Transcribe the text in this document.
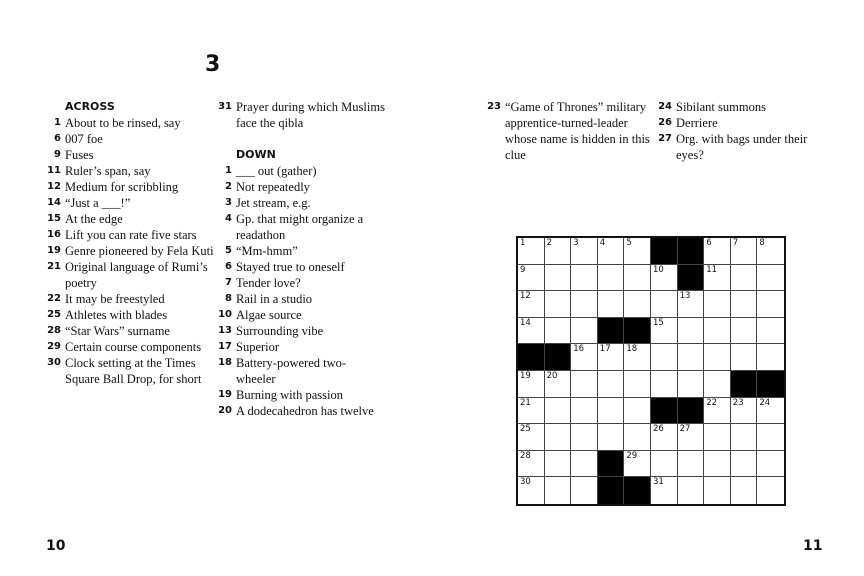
3
ACROSS
1 About to be rinsed, say
6 007 foe
9 Fuses
11 Ruler’s span, say
12 Medium for scribbling
14 “Just a ___!”
15 At the edge
16 Lift you can rate five stars
19 Genre pioneered by Fela Kuti
21 Original language of Rumi’s poetry
22 It may be freestyled
25 Athletes with blades
28 “Star Wars” surname
29 Certain course components
30 Clock setting at the Times Square Ball Drop, for short
31 Prayer during which Muslims face the qibla
DOWN
1 ___ out (gather)
2 Not repeatedly
3 Jet stream, e.g.
4 Gp. that might organize a readathon
5 “Mm-hmm”
6 Stayed true to oneself
7 Tender love?
8 Rail in a studio
10 Algae source
13 Surrounding vibe
17 Superior
18 Battery-powered two-wheeler
19 Burning with passion
20 A dodecahedron has twelve
23 “Game of Thrones” military apprentice-turned-leader whose name is hidden in this clue
24 Sibilant summons
26 Derriere
27 Org. with bags under their eyes?
1 2 3 4 5	6 7 8
9	10	11
12	13
14	15
16 17 18
19 20
21	22 23 24
25	26 27
28	29
30	31
10	11
